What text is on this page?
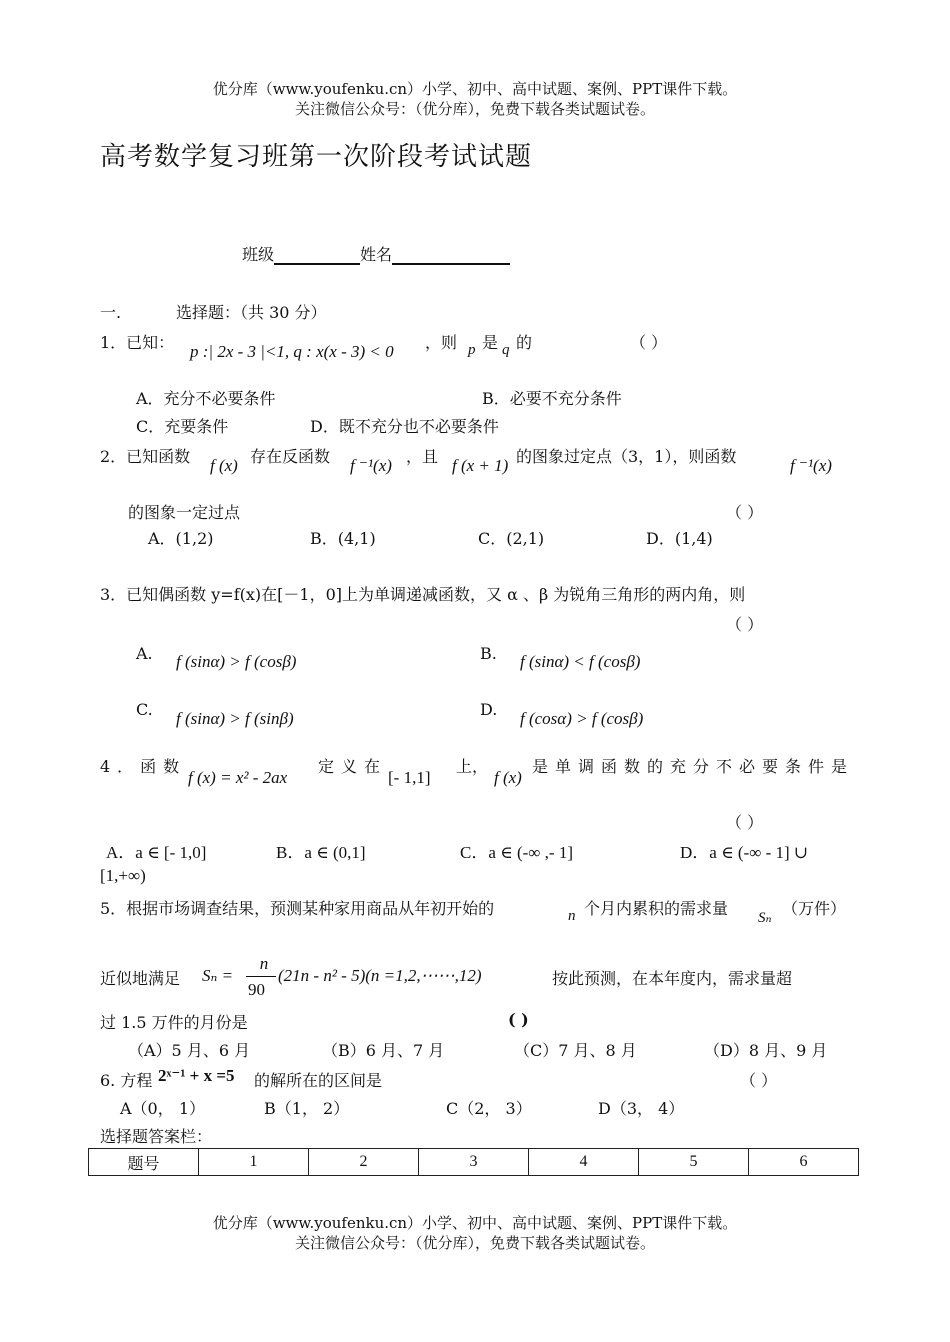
优分库（www.youfenku.cn）小学、初中、高中试题、案例、PPT课件下载。
关注微信公众号：（优分库），免费下载各类试题试卷。
高考数学复习班第一次阶段考试试题
班级	姓名
一.	选择题：（共 30 分）
1．已知： p :| 2x - 3 |<1, q : x(x - 3) < 0 ，则 p 是 q 的	（ ）
A．充分不必要条件	B．必要不充分条件
C．充要条件	D．既不充分也不必要条件
2．已知函数 f (x) 存在反函数 f ⁻¹(x) ，且 f (x + 1) 的图象过定点（3，1），则函数	f ⁻¹(x)
的图象一定过点	（ ）
A．(1,2)	B．(4,1)	C．(2,1)	D．(1,4)
3．已知偶函数 y=f(x)在[－1，0]上为单调递减函数，又 α 、β 为锐角三角形的两内角，则
（ ）
A. f (sinα) > f (cosβ)	B. f (sinα) < f (cosβ)
C. f (sinα) > f (sinβ)	D. f (cosα) > f (cosβ)
4．函数
f (x) = x² - 2ax
定义在
[- 1,1]
上，
f (x)
是单调函数的充分不必要条件是
（ ）
A．a ∈ [- 1,0]	B．a ∈ (0,1]	C．a ∈ (-∞ ,- 1]	D．a ∈ (-∞ - 1] ∪
[1,+∞)
5．根据市场调查结果，预测某种家用商品从年初开始的	n 个月内累积的需求量 Sₙ （万件）
近似地满足 Sₙ =
n
90
(21n - n² - 5)(n =1,2,⋯⋯,12)	按此预测，在本年度内，需求量超
过 1.5 万件的月份是	( )
（A）5 月、6 月	（B）6 月、7 月	（C）7 月、8 月	（D）8 月、9 月
6. 方程 2ˣ⁻¹ + x =5 的解所在的区间是	（ ）
A（0， 1）	B（1， 2）	C（2， 3）	D（3， 4）
选择题答案栏：
题号	1	2	3	4	5	6
优分库（www.youfenku.cn）小学、初中、高中试题、案例、PPT课件下载。
关注微信公众号：（优分库），免费下载各类试题试卷。
